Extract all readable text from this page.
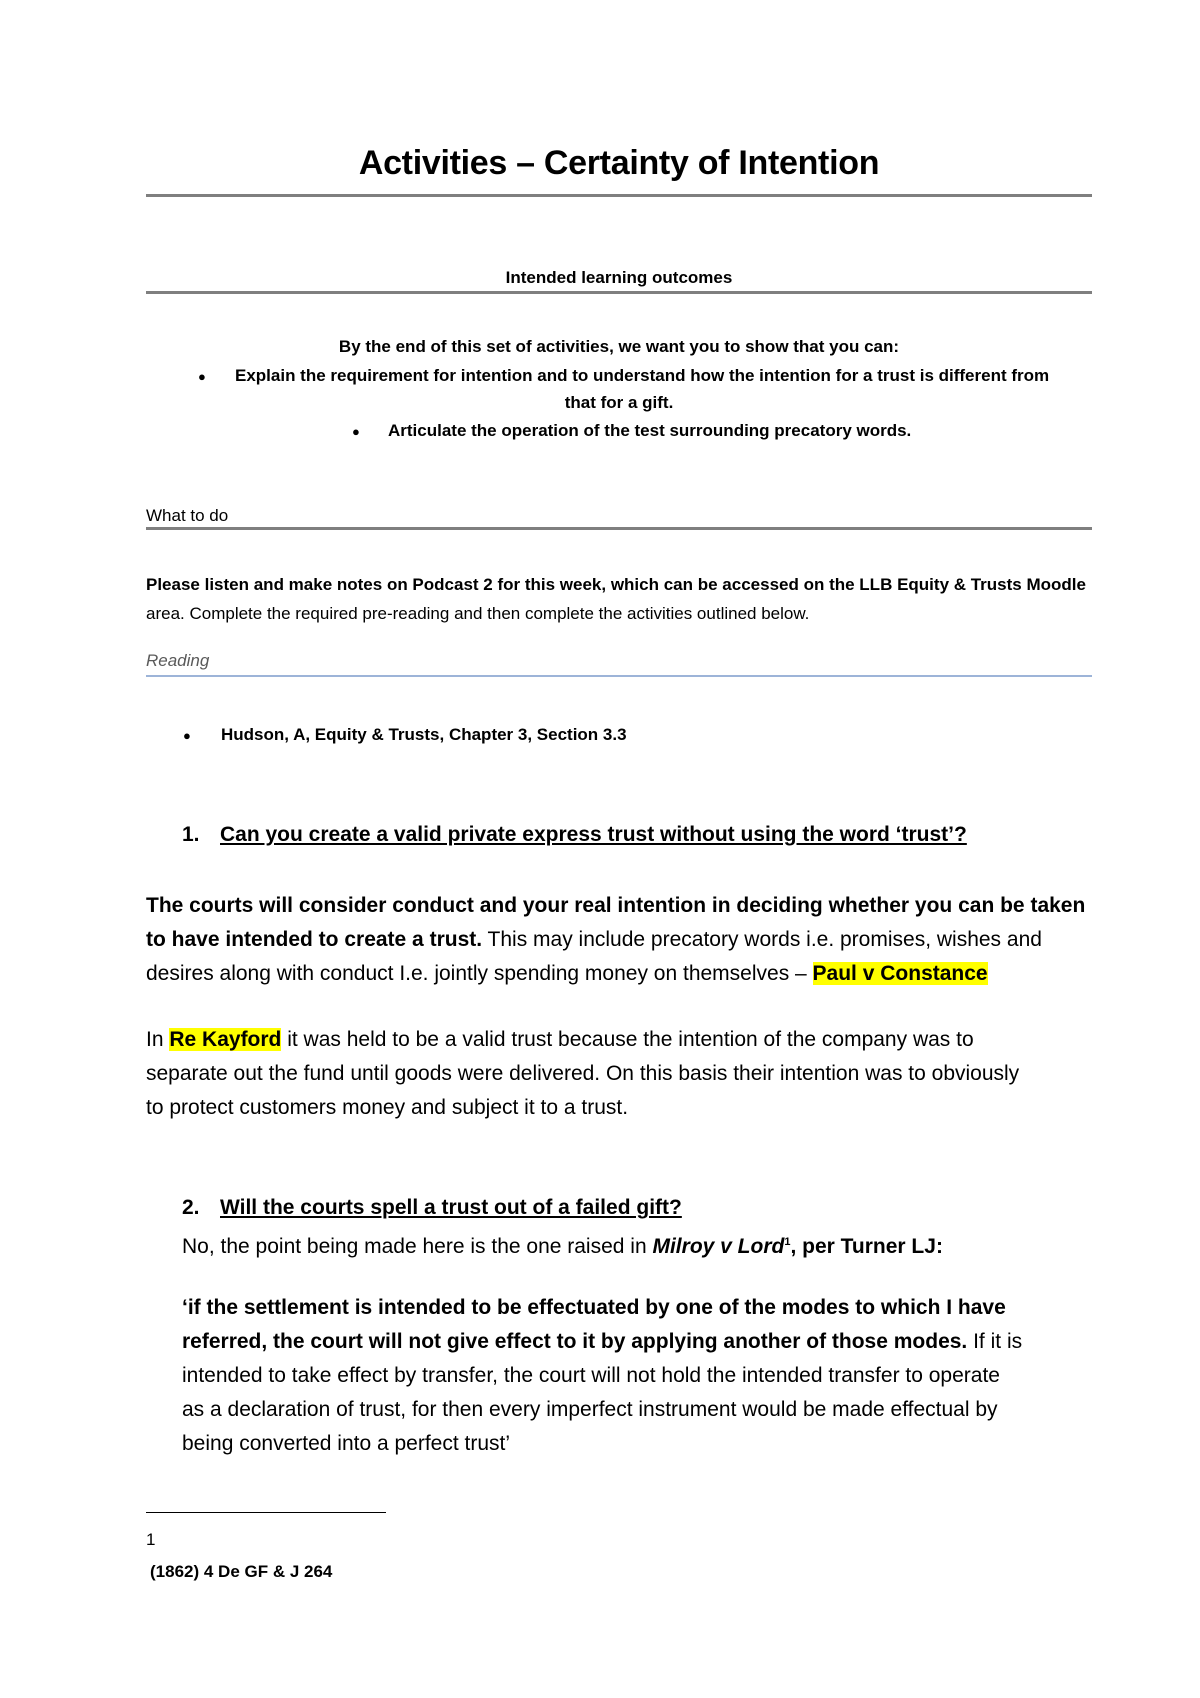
Activities – Certainty of Intention
Intended learning outcomes
By the end of this set of activities, we want you to show that you can:
● Explain the requirement for intention and to understand how the intention for a trust is different from
that for a gift.
● Articulate the operation of the test surrounding precatory words.
What to do
Please listen and make notes on Podcast 2 for this week, which can be accessed on the LLB Equity & Trusts Moodle
area. Complete the required pre-reading and then complete the activities outlined below.
Reading
● Hudson, A, Equity & Trusts, Chapter 3, Section 3.3
1. Can you create a valid private express trust without using the word ‘trust’?
The courts will consider conduct and your real intention in deciding whether you can be taken
to have intended to create a trust. This may include precatory words i.e. promises, wishes and
desires along with conduct I.e. jointly spending money on themselves – Paul v Constance
In Re Kayford it was held to be a valid trust because the intention of the company was to
separate out the fund until goods were delivered. On this basis their intention was to obviously
to protect customers money and subject it to a trust.
2. Will the courts spell a trust out of a failed gift?
No, the point being made here is the one raised in Milroy v Lord$^1$, per Turner LJ:
‘if the settlement is intended to be effectuated by one of the modes to which I have
referred, the court will not give effect to it by applying another of those modes. If it is
intended to take effect by transfer, the court will not hold the intended transfer to operate
as a declaration of trust, for then every imperfect instrument would be made effectual by
being converted into a perfect trust’
1
(1862) 4 De GF & J 264
